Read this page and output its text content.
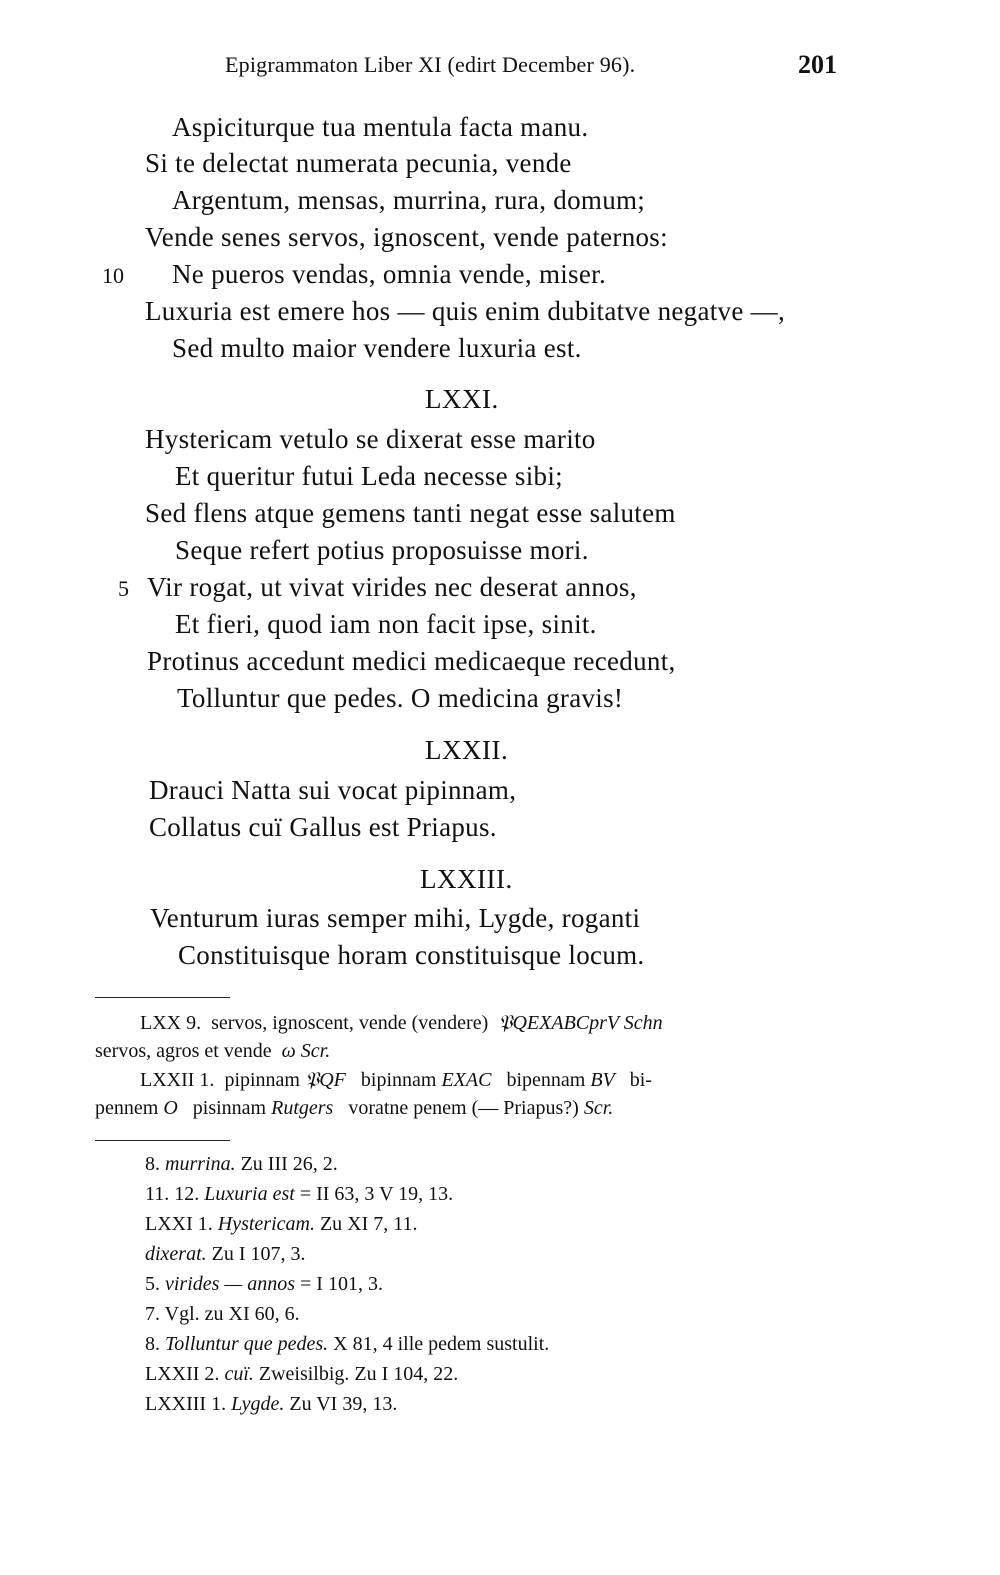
Epigrammaton Liber XI (edirt December 96).	201
Aspiciturque tua mentula facta manu.
Si te delectat numerata pecunia, vende
Argentum, mensas, murrina, rura, domum;
Vende senes servos, ignoscent, vende paternos:
10 Ne pueros vendas, omnia vende, miser.
Luxuria est emere hos — quis enim dubitatve negatve —,
Sed multo maior vendere luxuria est.
LXXI.
Hystericam vetulo se dixerat esse marito
Et queritur futui Leda necesse sibi;
Sed flens atque gemens tanti negat esse salutem
Seque refert potius proposuisse mori.
5 Vir rogat, ut vivat virides nec deserat annos,
Et fieri, quod iam non facit ipse, sinit.
Protinus accedunt medici medicaeque recedunt,
Tolluntur que pedes. O medicina gravis!
LXXII.
Drauci Natta sui vocat pipinnam,
Collatus cuï Gallus est Priapus.
LXXIII.
Venturum iuras semper mihi, Lygde, roganti
Constituisque horam constituisque locum.
LXX 9. servos, ignoscent, vende (vendere) 𝔓QEXABCprV Schn
servos, agros et vende ω Scr.
LXXII 1. pipinnam 𝔓QF bipinnam EXAC bipennam BV bi-
pennem O pisinnam Rutgers voratne penem (— Priapus?) Scr.
8. murrina. Zu III 26, 2.
11. 12. Luxuria est = II 63, 3 V 19, 13.
LXXI 1. Hystericam. Zu XI 7, 11.
dixerat. Zu I 107, 3.
5. virides — annos = I 101, 3.
7. Vgl. zu XI 60, 6.
8. Tolluntur que pedes. X 81, 4 ille pedem sustulit.
LXXII 2. cuï. Zweisilbig. Zu I 104, 22.
LXXIII 1. Lygde. Zu VI 39, 13.
